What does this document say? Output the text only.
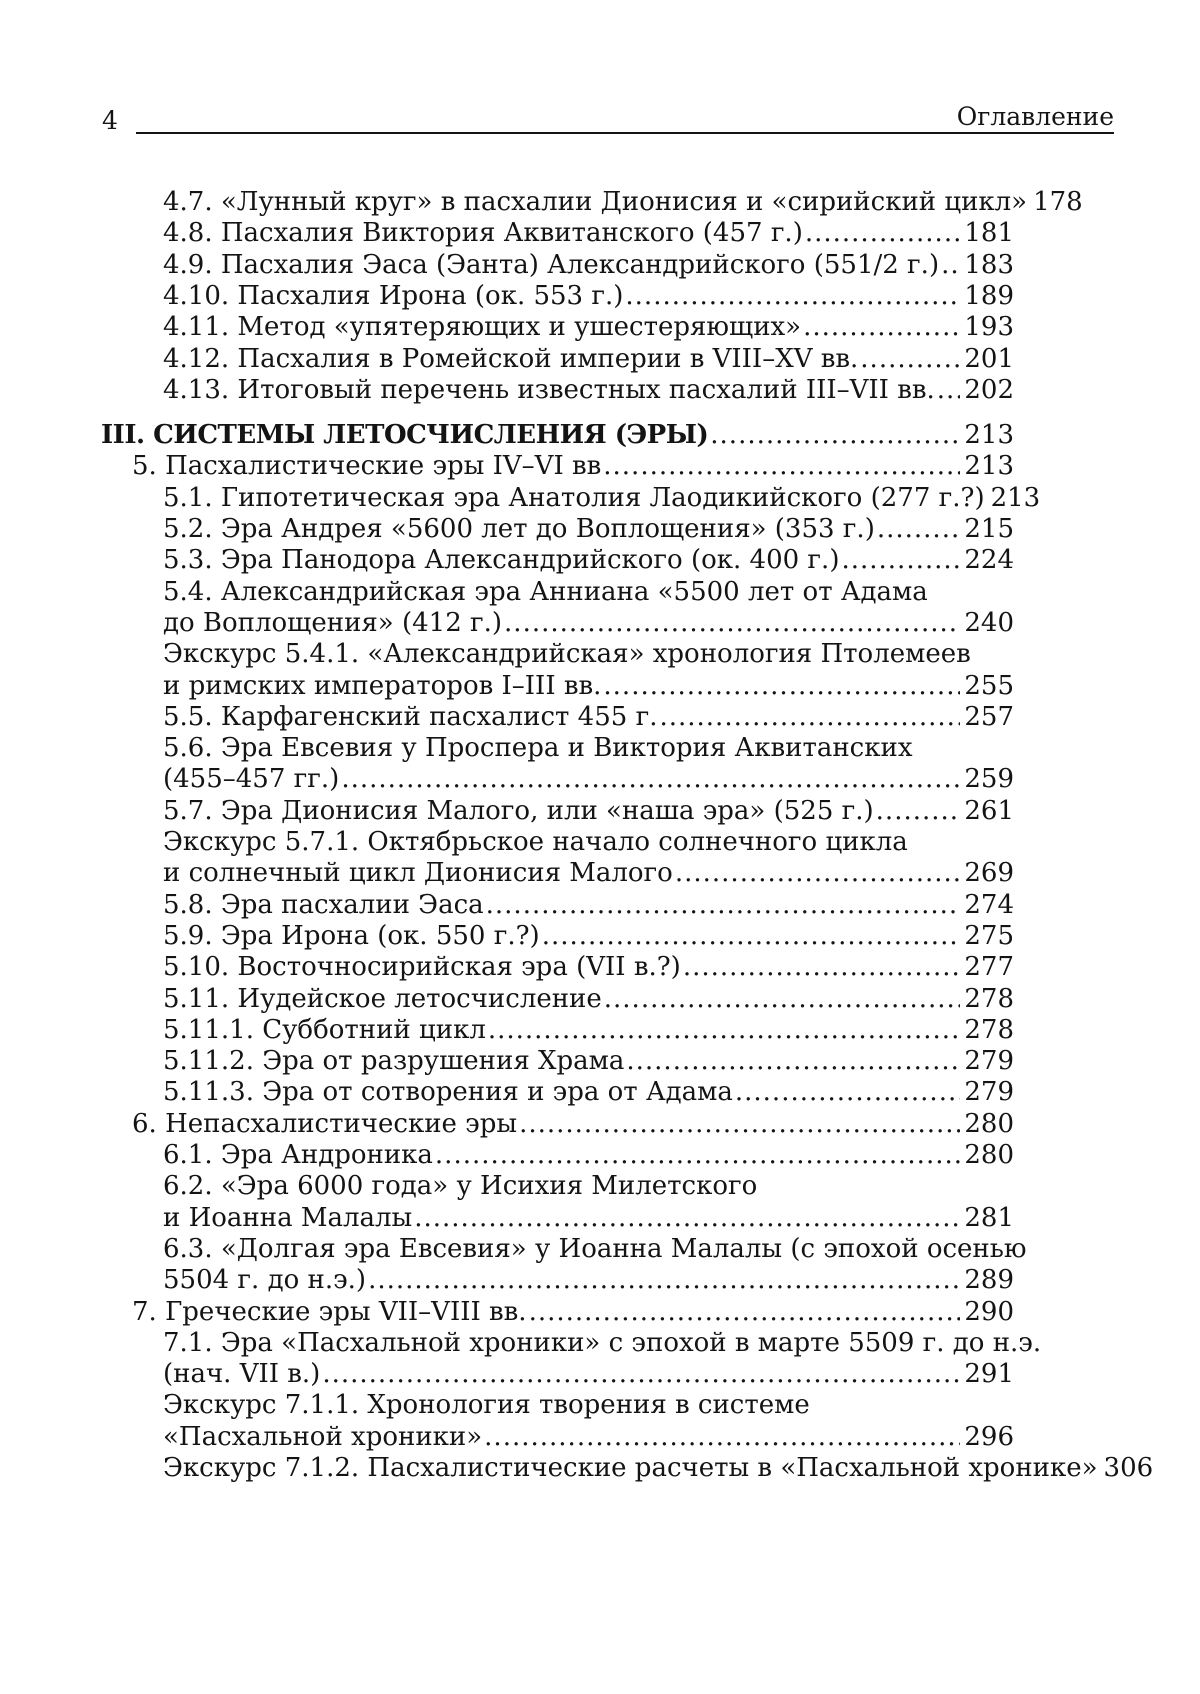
4	Оглавление
4.7. «Лунный круг» в пасхалии Дионисия и «сирийский цикл» 178
4.8. Пасхалия Виктория Аквитанского (457 г.)
.....	181
4.9. Пасхалия Эаса (Эанта) Александрийского (551/2 г.)
..... 183
4.10. Пасхалия Ирона (ок. 553 г.)
.....	189
4.11. Метод «упятеряющих и ушестеряющих»
.....	193
4.12. Пасхалия в Ромейской империи в VIII–XV вв.
.....	201
4.13. Итоговый перечень известных пасхалий III–VII вв.
..... 202
III. СИСТЕМЫ ЛЕТОСЧИСЛЕНИЯ (ЭРЫ)
.....	213
5. Пасхалистические эры IV–VI вв
.....	213
5.1. Гипотетическая эра Анатолия Лаодикийского (277 г.?) 213
5.2. Эра Андрея «5600 лет до Воплощения» (353 г.)
.....	215
5.3. Эра Панодора Александрийского (ок. 400 г.)
.....	224
5.4. Александрийская эра Анниана «5500 лет от Адама
до Воплощения» (412 г.)
.....	240
Экскурс 5.4.1. «Александрийская» хронология Птолемеев
и римских императоров I–III вв.
.....	255
5.5. Карфагенский пасхалист 455 г.
.....	257
5.6. Эра Евсевия у Проспера и Виктория Аквитанских
(455–457 гг.)
.....	259
5.7. Эра Дионисия Малого, или «наша эра» (525 г.)
.....	261
Экскурс 5.7.1. Октябрьское начало солнечного цикла
и солнечный цикл Дионисия Малого
.....	269
5.8. Эра пасхалии Эаса
.....	274
5.9. Эра Ирона (ок. 550 г.?)
.....	275
5.10. Восточносирийская эра (VII в.?)
.....	277
5.11. Иудейское летосчисление
.....	278
5.11.1. Субботний цикл
.....	278
5.11.2. Эра от разрушения Храма
.....	279
5.11.3. Эра от сотворения и эра от Адама
.....	279
6. Непасхалистические эры
.....	280
6.1. Эра Андроника
.....	280
6.2. «Эра 6000 года» у Исихия Милетского
и Иоанна Малалы
.....	281
6.3. «Долгая эра Евсевия» у Иоанна Малалы (с эпохой осенью
5504 г. до н.э.)
.....	289
7. Греческие эры VII–VIII вв.
.....	290
7.1. Эра «Пасхальной хроники» с эпохой в марте 5509 г. до н.э.
(нач. VII в.)
.....	291
Экскурс 7.1.1. Хронология творения в системе
«Пасхальной хроники»
.....	296
Экскурс 7.1.2. Пасхалистические расчеты в «Пасхальной хронике» 306
